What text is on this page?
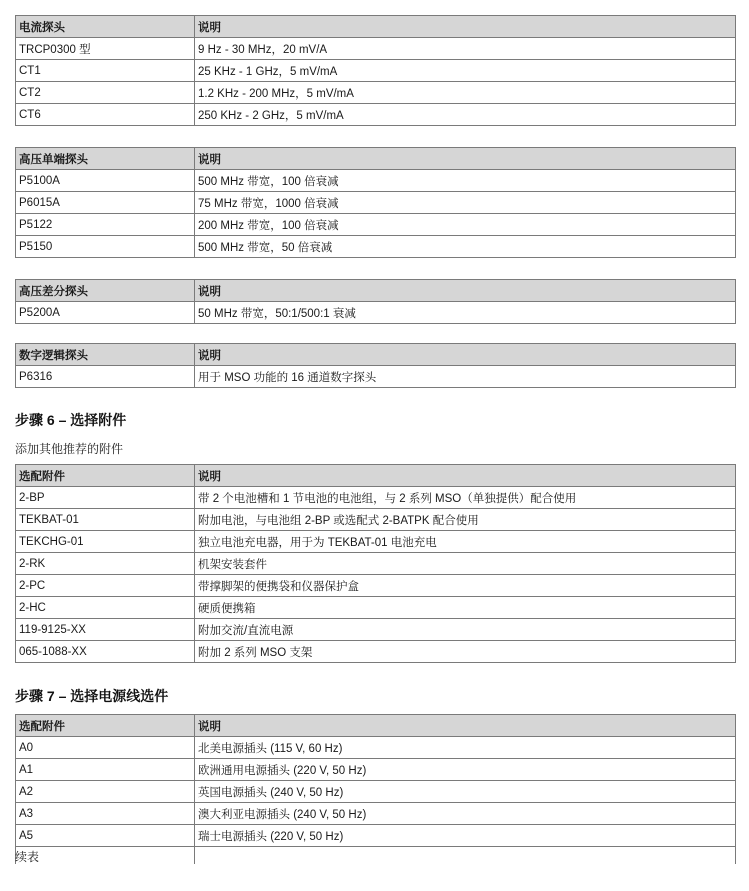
电流探头	说明
TRCP0300 型	9 Hz - 30 MHz，20 mV/A
CT1	25 KHz - 1 GHz，5 mV/mA
CT2	1.2 KHz - 200 MHz，5 mV/mA
CT6	250 KHz - 2 GHz，5 mV/mA
高压单端探头	说明
P5100A	500 MHz 带宽，100 倍衰减
P6015A	75 MHz 带宽，1000 倍衰减
P5122	200 MHz 带宽，100 倍衰减
P5150	500 MHz 带宽，50 倍衰减
高压差分探头	说明
P5200A	50 MHz 带宽，50:1/500:1 衰减
数字逻辑探头	说明
P6316	用于 MSO 功能的 16 通道数字探头
步骤 6 – 选择附件
添加其他推荐的附件
选配附件	说明
2-BP	带 2 个电池槽和 1 节电池的电池组，与 2 系列 MSO（单独提供）配合使用
TEKBAT-01	附加电池，与电池组 2-BP 或选配式 2-BATPK 配合使用
TEKCHG-01	独立电池充电器，用于为 TEKBAT-01 电池充电
2-RK	机架安装套件
2-PC	带撑脚架的便携袋和仪器保护盒
2-HC	硬质便携箱
119-9125-XX	附加交流/直流电源
065-1088-XX	附加 2 系列 MSO 支架
步骤 7 – 选择电源线选件
选配附件	说明
A0	北美电源插头 (115 V, 60 Hz)
A1	欧洲通用电源插头 (220 V, 50 Hz)
A2	英国电源插头 (240 V, 50 Hz)
A3	澳大利亚电源插头 (240 V, 50 Hz)
A5	瑞士电源插头 (220 V, 50 Hz)
续表
